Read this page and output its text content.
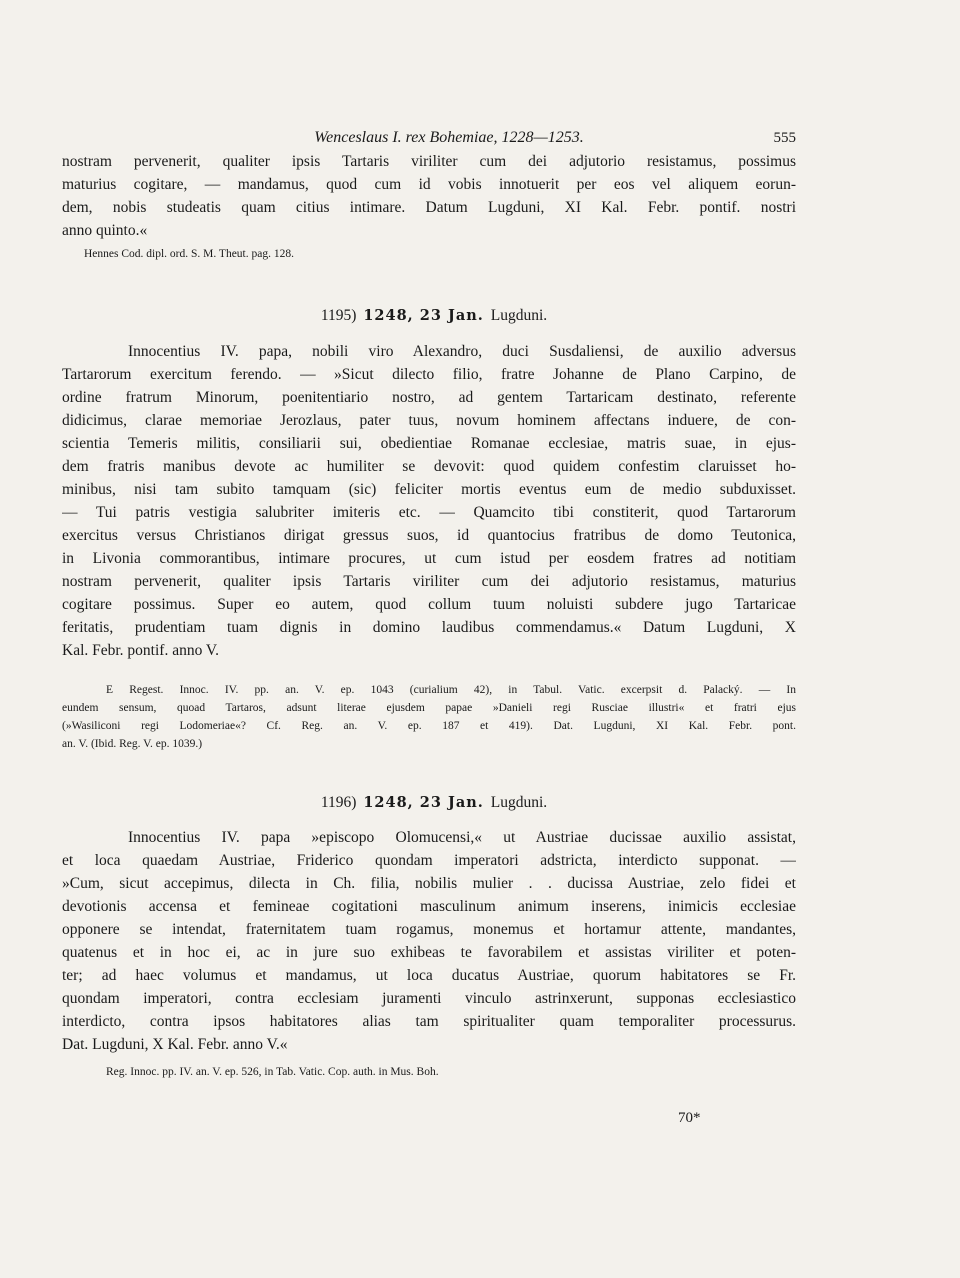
Wenceslaus I. rex Bohemiae, 1228—1253.	555
nostram pervenerit, qualiter ipsis Tartaris viriliter cum dei adjutorio resistamus, possimus
maturius cogitare, — mandamus, quod cum id vobis innotuerit per eos vel aliquem eorun-
dem, nobis studeatis quam citius intimare. Datum Lugduni, XI Kal. Febr. pontif. nostri
anno quinto.«
Hennes Cod. dipl. ord. S. M. Theut. pag. 128.
1195) 1248, 23 Jan. Lugduni.
Innocentius IV. papa, nobili viro Alexandro, duci Susdaliensi, de auxilio adversus
Tartarorum exercitum ferendo. — »Sicut dilecto filio, fratre Johanne de Plano Carpino, de
ordine fratrum Minorum, poenitentiario nostro, ad gentem Tartaricam destinato, referente
didicimus, clarae memoriae Jerozlaus, pater tuus, novum hominem affectans induere, de con-
scientia Temeris militis, consiliarii sui, obedientiae Romanae ecclesiae, matris suae, in ejus-
dem fratris manibus devote ac humiliter se devovit: quod quidem confestim claruisset ho-
minibus, nisi tam subito tamquam (sic) feliciter mortis eventus eum de medio subduxisset.
— Tui patris vestigia salubriter imiteris etc. — Quamcito tibi constiterit, quod Tartarorum
exercitus versus Christianos dirigat gressus suos, id quantocius fratribus de domo Teutonica,
in Livonia commorantibus, intimare procures, ut cum istud per eosdem fratres ad notitiam
nostram pervenerit, qualiter ipsis Tartaris viriliter cum dei adjutorio resistamus, maturius
cogitare possimus. Super eo autem, quod collum tuum noluisti subdere jugo Tartaricae
feritatis, prudentiam tuam dignis in domino laudibus commendamus.« Datum Lugduni, X
Kal. Febr. pontif. anno V.
E Regest. Innoc. IV. pp. an. V. ep. 1043 (curialium 42), in Tabul. Vatic. excerpsit d. Palacký. — In
eundem sensum, quoad Tartaros, adsunt literae ejusdem papae »Danieli regi Rusciae illustri« et fratri ejus
(»Wasiliconi regi Lodomeriae«? Cf. Reg. an. V. ep. 187 et 419). Dat. Lugduni, XI Kal. Febr. pont.
an. V. (Ibid. Reg. V. ep. 1039.)
1196) 1248, 23 Jan. Lugduni.
Innocentius IV. papa »episcopo Olomucensi,« ut Austriae ducissae auxilio assistat,
et loca quaedam Austriae, Friderico quondam imperatori adstricta, interdicto supponat. —
»Cum, sicut accepimus, dilecta in Ch. filia, nobilis mulier . . ducissa Austriae, zelo fidei et
devotionis accensa et femineae cogitationi masculinum animum inserens, inimicis ecclesiae
opponere se intendat, fraternitatem tuam rogamus, monemus et hortamur attente, mandantes,
quatenus et in hoc ei, ac in jure suo exhibeas te favorabilem et assistas viriliter et poten-
ter; ad haec volumus et mandamus, ut loca ducatus Austriae, quorum habitatores se Fr.
quondam imperatori, contra ecclesiam juramenti vinculo astrinxerunt, supponas ecclesiastico
interdicto, contra ipsos habitatores alias tam spiritualiter quam temporaliter processurus.
Dat. Lugduni, X Kal. Febr. anno V.«
Reg. Innoc. pp. IV. an. V. ep. 526, in Tab. Vatic. Cop. auth. in Mus. Boh.
70*
